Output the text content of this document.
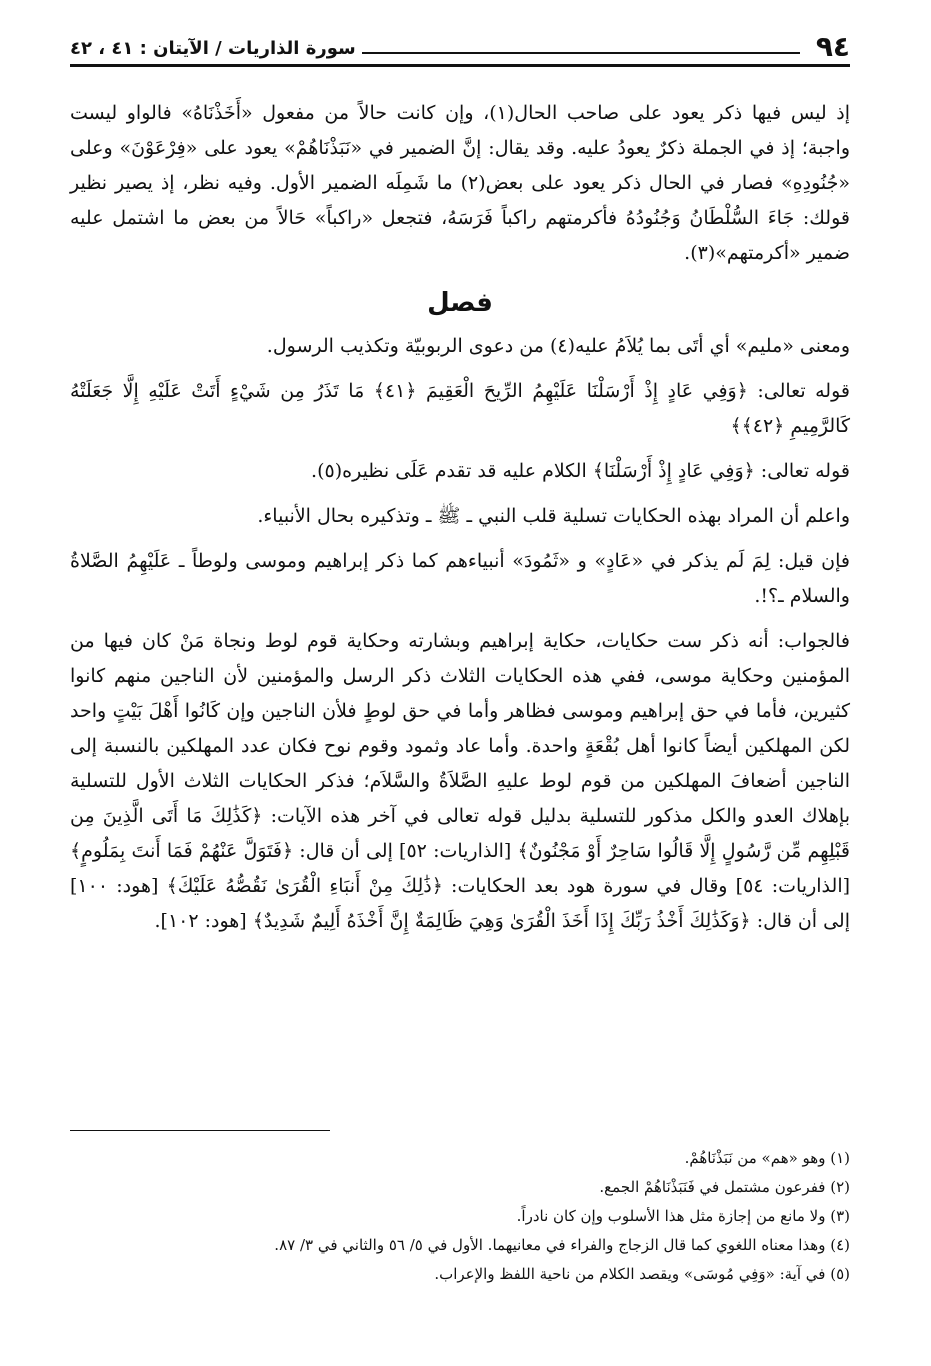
٩٤
سورة الذاريات / الآيتان : ٤١ ، ٤٢

إذ ليس فيها ذكر يعود على صاحب الحال(١)، وإن كانت حالاً من مفعول «أَخَذْنَاهُ» فالواو ليست واجبة؛ إذ في الجملة ذكرٌ يعودُ عليه. وقد يقال: إنَّ الضمير في «نَبَذْنَاهُمْ» يعود على «فِرْعَوْنَ» وعلى «جُنُودِهِ» فصار في الحال ذكر يعود على بعض(٢) ما شَمِلَه الضمير الأول. وفيه نظر، إذ يصير نظير قولك: جَاءَ السُّلْطَانُ وَجُنُودُهُ فأكرمتهم راكباً فَرَسَهُ، فتجعل «راكباً» حَالاً من بعض ما اشتمل عليه ضمير «أكرمتهم»(٣).

فصل

ومعنى «مليم» أي أتَى بما يُلاَمُ عليه(٤) من دعوى الربوبيّة وتكذيب الرسول.

قوله تعالى: ﴿وَفِي عَادٍ إِذْ أَرْسَلْنَا عَلَيْهِمُ الرِّيحَ الْعَقِيمَ ﴿٤١﴾ مَا تَذَرُ مِن شَيْءٍ أَتَتْ عَلَيْهِ إِلَّا جَعَلَتْهُ كَالرَّمِيمِ ﴿٤٢﴾﴾

قوله تعالى: ﴿وَفِي عَادٍ إِذْ أَرْسَلْنَا﴾ الكلام عليه قد تقدم عَلَى نظيره(٥).

واعلم أن المراد بهذه الحكايات تسلية قلب النبي ـ ﷺ ـ وتذكيره بحال الأنبياء.

فإن قيل: لِمَ لَم يذكر في «عَادٍ» و «ثَمُودَ» أنبياءهم كما ذكر إبراهيم وموسى ولوطاً ـ عَلَيْهِمُ الصَّلاةُ والسلام ـ؟!.

فالجواب: أنه ذكر ست حكايات، حكاية إبراهيم وبشارته وحكاية قوم لوط ونجاة مَنْ كان فيها من المؤمنين وحكاية موسى، ففي هذه الحكايات الثلاث ذكر الرسل والمؤمنين لأن الناجين منهم كانوا كثيرين، فأما في حق إبراهيم وموسى فظاهر وأما في حق لوطٍ فلأن الناجين وإن كَانُوا أَهْلَ بَيْتٍ واحد لكن المهلكين أيضاً كانوا أهل بُقْعَةٍ واحدة. وأما عاد وثمود وقوم نوح فكان عدد المهلكين بالنسبة إلى الناجين أضعافَ المهلكين من قوم لوط عليهِ الصَّلاَةُ والسَّلاَم؛ فذكر الحكايات الثلاث الأول للتسلية بإهلاك العدو والكل مذكور للتسلية بدليل قوله تعالى في آخر هذه الآيات: ﴿كَذَٰلِكَ مَا أَتَى الَّذِينَ مِن قَبْلِهِم مِّن رَّسُولٍ إِلَّا قَالُوا سَاحِرٌ أَوْ مَجْنُونٌ﴾ [الذاريات: ٥٢] إلى أن قال: ﴿فَتَوَلَّ عَنْهُمْ فَمَا أَنتَ بِمَلُومٍ﴾ [الذاريات: ٥٤] وقال في سورة هود بعد الحكايات: ﴿ذَٰلِكَ مِنْ أَنبَاءِ الْقُرَىٰ نَقُصُّهُ عَلَيْكَ﴾ [هود: ١٠٠] إلى أن قال: ﴿وَكَذَٰلِكَ أَخْذُ رَبِّكَ إِذَا أَخَذَ الْقُرَىٰ وَهِيَ ظَالِمَةٌ إِنَّ أَخْذَهُ أَلِيمٌ شَدِيدٌ﴾ [هود: ١٠٢].

(١) وهو «هم» من نَبَذْنَاهُمْ.
(٢) ففرعون مشتمل في فَنَبَذْنَاهُمْ الجمع.
(٣) ولا مانع من إجازة مثل هذا الأسلوب وإن كان نادراً.
(٤) وهذا معناه اللغوي كما قال الزجاج والفراء في معانيهما. الأول في ٥/ ٥٦ والثاني في ٣/ ٨٧.
(٥) في آية: «وَفِي مُوسَى» ويقصد الكلام من ناحية اللفظ والإعراب.
